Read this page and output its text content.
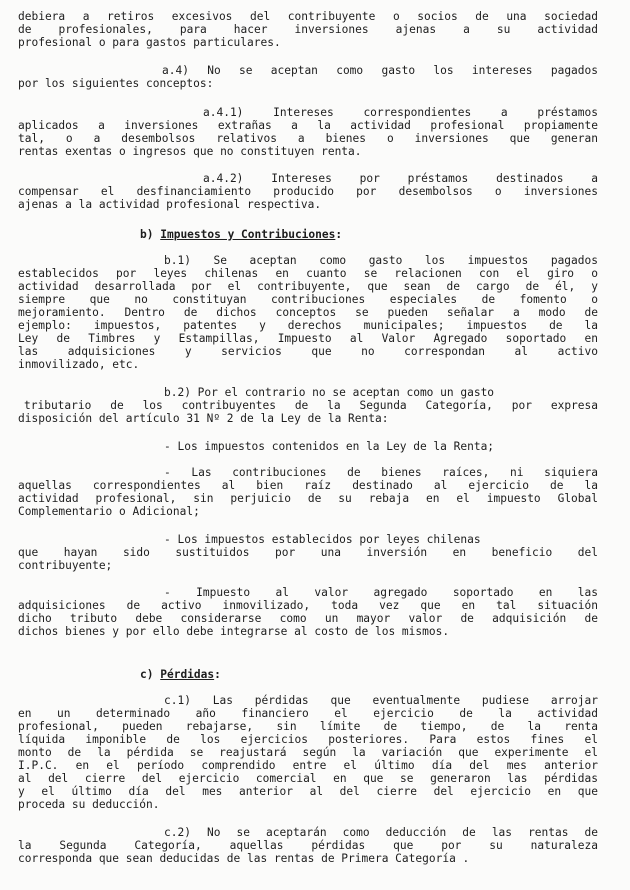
debiera a retiros excesivos del contribuyente o socios de una sociedad
de profesionales, para hacer inversiones ajenas a su actividad
profesional o para gastos particulares.
a.4) No se aceptan como gasto los intereses pagados
por los siguientes conceptos:
a.4.1) Intereses correspondientes a préstamos
aplicados a inversiones extrañas a la actividad profesional propiamente
tal, o a desembolsos relativos a bienes o inversiones que generan
rentas exentas o ingresos que no constituyen renta.
a.4.2) Intereses por préstamos destinados a
compensar el desfinanciamiento producido por desembolsos o inversiones
ajenas a la actividad profesional respectiva.
b) Impuestos y Contribuciones:
b.1) Se aceptan como gasto los impuestos pagados
establecidos por leyes chilenas en cuanto se relacionen con el giro o
actividad desarrollada por el contribuyente, que sean de cargo de él, y
siempre que no constituyan contribuciones especiales de fomento o
mejoramiento. Dentro de dichos conceptos se pueden señalar a modo de
ejemplo: impuestos, patentes y derechos municipales; impuestos de la
Ley de Timbres y Estampillas, Impuesto al Valor Agregado soportado en
las adquisiciones y servicios que no correspondan al activo
inmovilizado, etc.
b.2) Por el contrario no se aceptan como un gasto
tributario de los contribuyentes de la Segunda Categoría, por expresa
disposición del artículo 31 Nº 2 de la Ley de la Renta:
- Los impuestos contenidos en la Ley de la Renta;
- Las contribuciones de bienes raíces, ni siquiera
aquellas correspondientes al bien raíz destinado al ejercicio de la
actividad profesional, sin perjuicio de su rebaja en el impuesto Global
Complementario o Adicional;
- Los impuestos establecidos por leyes chilenas
que hayan sido sustituidos por una inversión en beneficio del
contribuyente;
- Impuesto al valor agregado soportado en las
adquisiciones de activo inmovilizado, toda vez que en tal situación
dicho tributo debe considerarse como un mayor valor de adquisición de
dichos bienes y por ello debe integrarse al costo de los mismos.
c) Pérdidas:
c.1) Las pérdidas que eventualmente pudiese arrojar
en un determinado año financiero el ejercicio de la actividad
profesional, pueden rebajarse, sin límite de tiempo, de la renta
líquida imponible de los ejercicios posteriores. Para estos fines el
monto de la pérdida se reajustará según la variación que experimente el
I.P.C. en el período comprendido entre el último día del mes anterior
al del cierre del ejercicio comercial en que se generaron las pérdidas
y el último día del mes anterior al del cierre del ejercicio en que
proceda su deducción.
c.2) No se aceptarán como deducción de las rentas de
la Segunda Categoría, aquellas pérdidas que por su naturaleza
corresponda que sean deducidas de las rentas de Primera Categoría .
